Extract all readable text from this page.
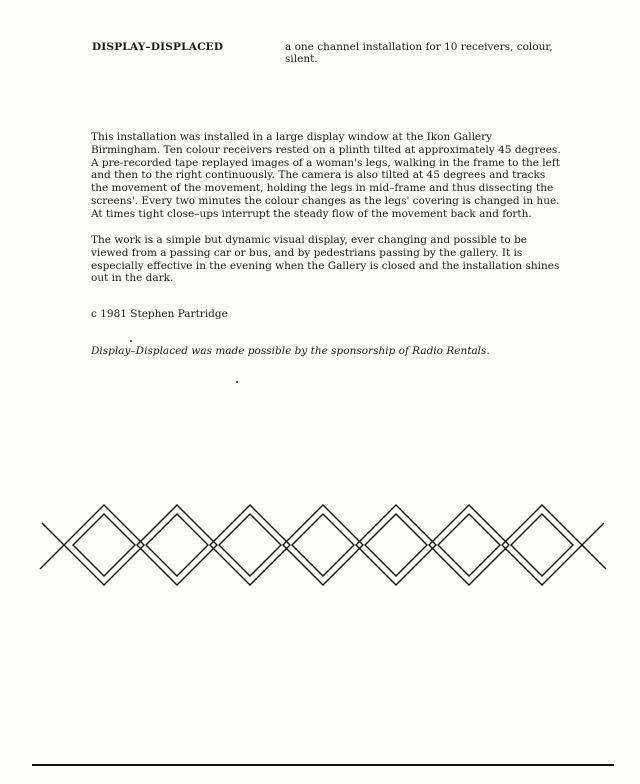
DISPLAY–DISPLACED	a one channel installation for 10 receivers, colour, silent.

This installation was installed in a large display window at the Ikon Gallery Birmingham. Ten colour receivers rested on a plinth tilted at approximately 45 degrees. A pre-recorded tape replayed images of a woman's legs, walking in the frame to the left and then to the right continuously. The camera is also tilted at 45 degrees and tracks the movement of the movement, holding the legs in mid–frame and thus dissecting the screens'. Every two minutes the colour changes as the legs' covering is changed in hue. At times tight close–ups interrupt the steady flow of the movement back and forth.

The work is a simple but dynamic visual display, ever changing and possible to be viewed from a passing car or bus, and by pedestrians passing by the gallery. It is especially effective in the evening when the Gallery is closed and the installation shines out in the dark.

c 1981 Stephen Partridge
Display–Displaced was made possible by the sponsorship of Radio Rentals.
